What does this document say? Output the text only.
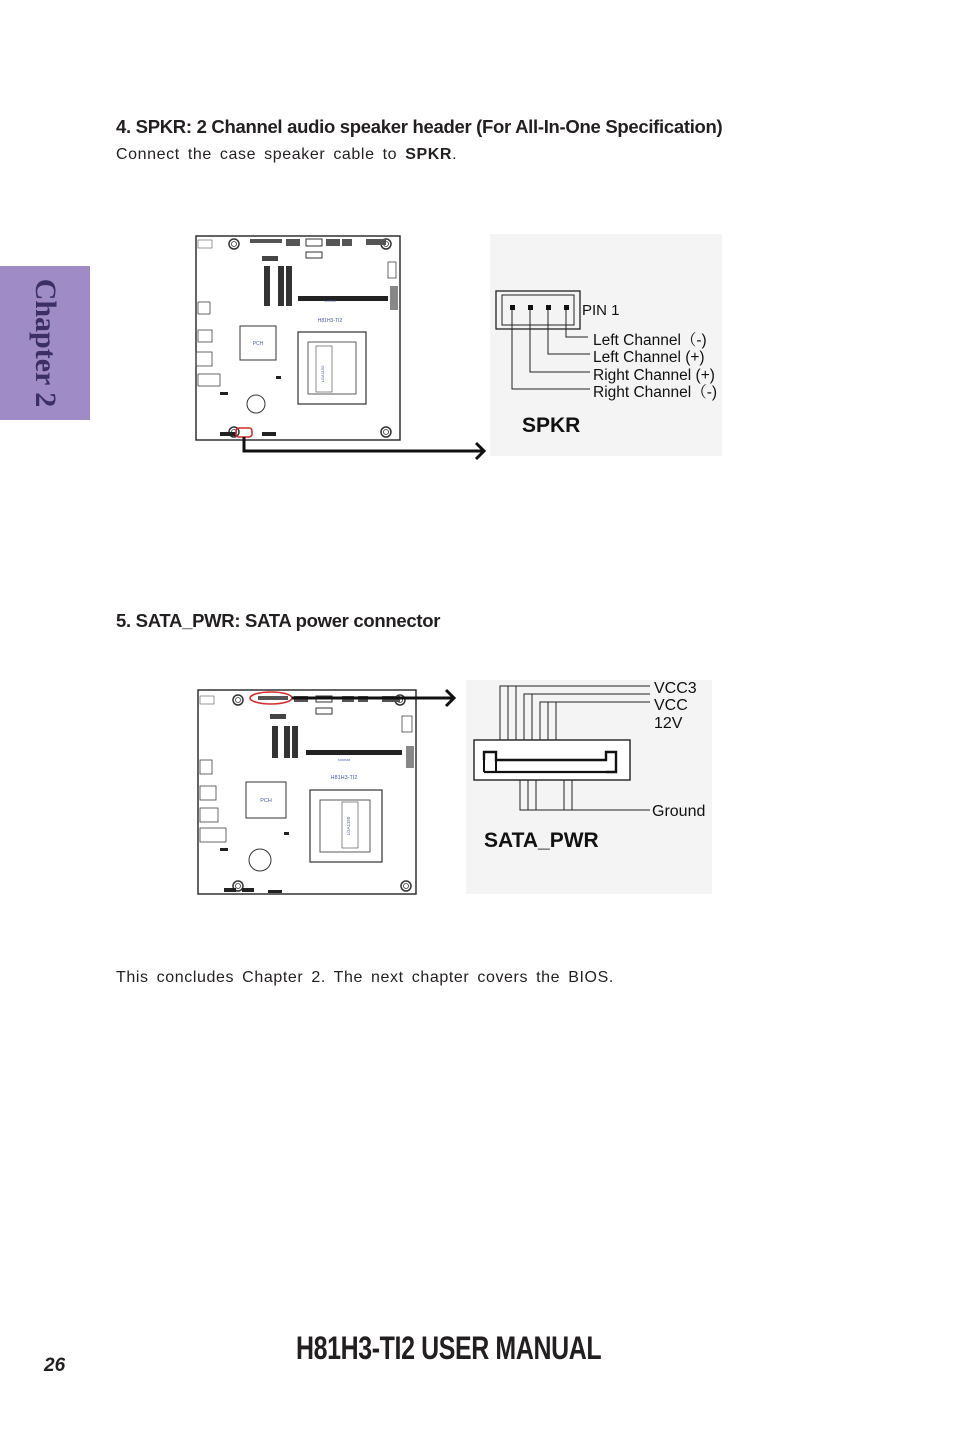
Chapter 2
4. SPKR: 2 Channel audio speaker header (For All-In-One Specification)

Connect the case speaker cable to SPKR.

PCH
H81H3-TI2
SODIMM
LGA1150
PIN 1
Left Channel（-)
Left Channel (+)
Right Channel (+)
Right Channel（-)
SPKR
5. SATA_PWR: SATA power connector
PCH
H81H3-TI2
SODIMM
LGA1150
VCC3
VCC
12V
Ground
SATA_PWR

This concludes Chapter 2. The next chapter covers the BIOS.

26	H81H3-TI2 USER MANUAL
